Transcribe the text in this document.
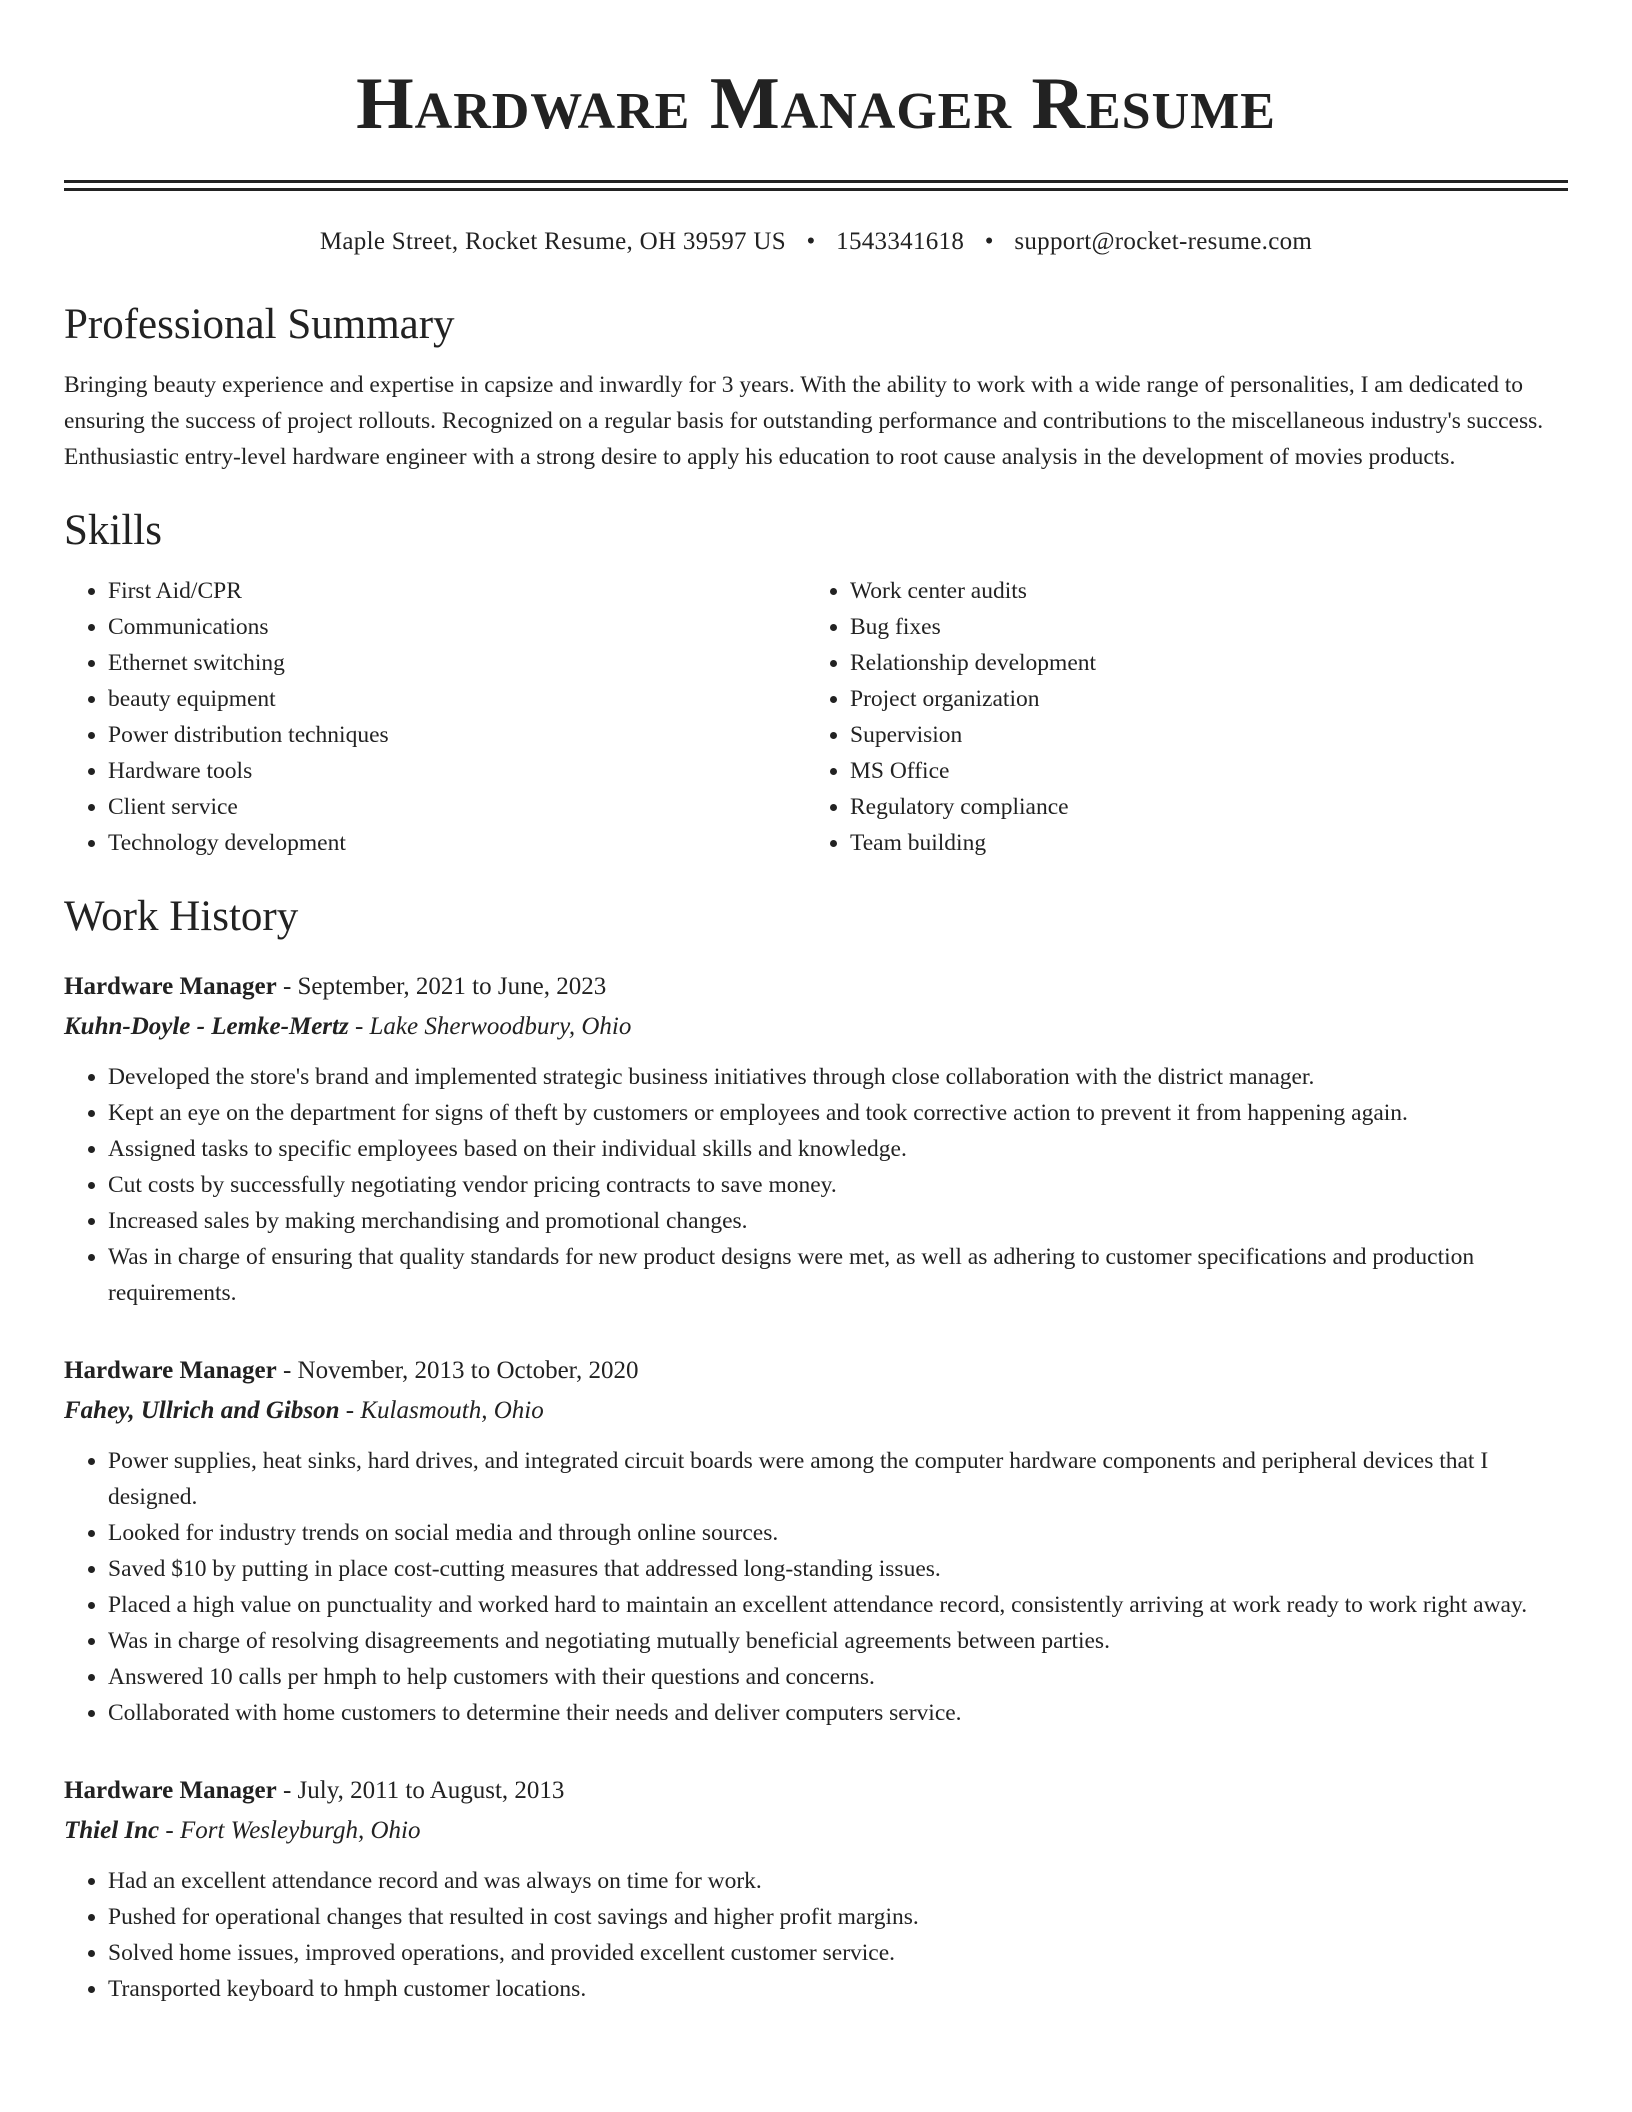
Hardware Manager Resume
Maple Street, Rocket Resume, OH 39597 US • 1543341618 • support@rocket-resume.com
Professional Summary
Bringing beauty experience and expertise in capsize and inwardly for 3 years. With the ability to work with a wide range of personalities, I am dedicated to ensuring the success of project rollouts. Recognized on a regular basis for outstanding performance and contributions to the miscellaneous industry's success. Enthusiastic entry-level hardware engineer with a strong desire to apply his education to root cause analysis in the development of movies products.
Skills
• First Aid/CPR
• Communications
• Ethernet switching
• beauty equipment
• Power distribution techniques
• Hardware tools
• Client service
• Technology development
• Work center audits
• Bug fixes
• Relationship development
• Project organization
• Supervision
• MS Office
• Regulatory compliance
• Team building
Work History
Hardware Manager - September, 2021 to June, 2023
Kuhn-Doyle - Lemke-Mertz - Lake Sherwoodbury, Ohio
• Developed the store's brand and implemented strategic business initiatives through close collaboration with the district manager.
• Kept an eye on the department for signs of theft by customers or employees and took corrective action to prevent it from happening again.
• Assigned tasks to specific employees based on their individual skills and knowledge.
• Cut costs by successfully negotiating vendor pricing contracts to save money.
• Increased sales by making merchandising and promotional changes.
• Was in charge of ensuring that quality standards for new product designs were met, as well as adhering to customer specifications and production requirements.
Hardware Manager - November, 2013 to October, 2020
Fahey, Ullrich and Gibson - Kulasmouth, Ohio
• Power supplies, heat sinks, hard drives, and integrated circuit boards were among the computer hardware components and peripheral devices that I designed.
• Looked for industry trends on social media and through online sources.
• Saved $10 by putting in place cost-cutting measures that addressed long-standing issues.
• Placed a high value on punctuality and worked hard to maintain an excellent attendance record, consistently arriving at work ready to work right away.
• Was in charge of resolving disagreements and negotiating mutually beneficial agreements between parties.
• Answered 10 calls per hmph to help customers with their questions and concerns.
• Collaborated with home customers to determine their needs and deliver computers service.
Hardware Manager - July, 2011 to August, 2013
Thiel Inc - Fort Wesleyburgh, Ohio
• Had an excellent attendance record and was always on time for work.
• Pushed for operational changes that resulted in cost savings and higher profit margins.
• Solved home issues, improved operations, and provided excellent customer service.
• Transported keyboard to hmph customer locations.
